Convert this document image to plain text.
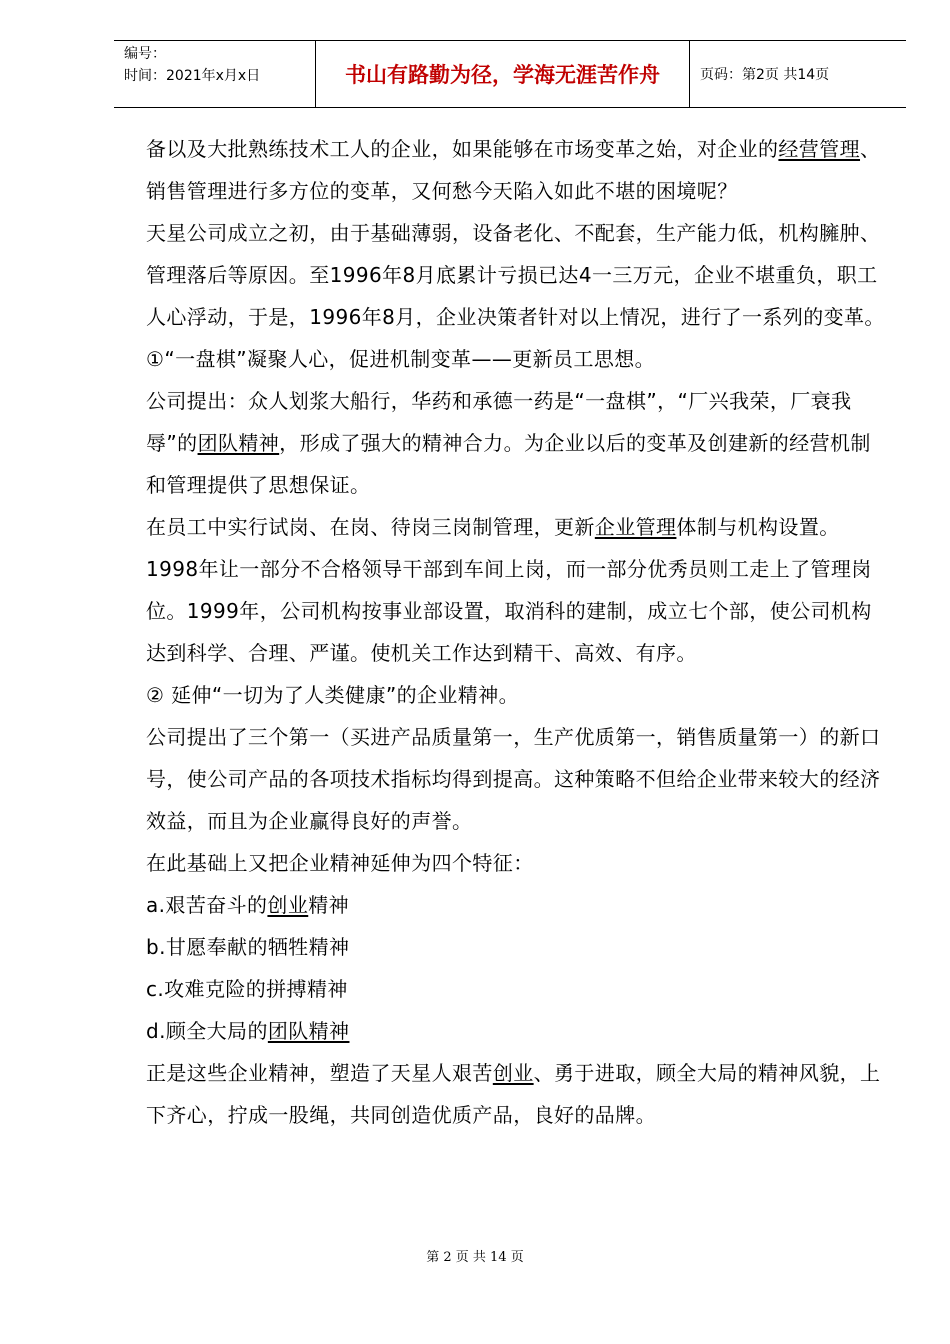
编号：
时间：2021年x月x日	书山有路勤为径，学海无涯苦作舟	页码：第2页 共14页

备以及大批熟练技术工人的企业，如果能够在市场变革之始，对企业的经营管理、销售管理进行多方位的变革，又何愁今天陷入如此不堪的困境呢？

天星公司成立之初，由于基础薄弱，设备老化、不配套，生产能力低，机构臃肿、管理落后等原因。至1996年8月底累计亏损已达4一三万元，企业不堪重负，职工人心浮动，于是，1996年8月，企业决策者针对以上情况，进行了一系列的变革。

①“一盘棋”凝聚人心，促进机制变革——更新员工思想。

公司提出：众人划浆大船行，华药和承德一药是“一盘棋”，“厂兴我荣，厂衰我辱”的团队精神，形成了强大的精神合力。为企业以后的变革及创建新的经营机制和管理提供了思想保证。

在员工中实行试岗、在岗、待岗三岗制管理，更新企业管理体制与机构设置。1998年让一部分不合格领导干部到车间上岗，而一部分优秀员则工走上了管理岗位。1999年，公司机构按事业部设置，取消科的建制，成立七个部，使公司机构达到科学、合理、严谨。使机关工作达到精干、高效、有序。

② 延伸“一切为了人类健康”的企业精神。

公司提出了三个第一（买进产品质量第一，生产优质第一，销售质量第一）的新口号，使公司产品的各项技术指标均得到提高。这种策略不但给企业带来较大的经济效益，而且为企业赢得良好的声誉。

在此基础上又把企业精神延伸为四个特征：

a.艰苦奋斗的创业精神

b.甘愿奉献的牺牲精神

c.攻难克险的拼搏精神

d.顾全大局的团队精神

正是这些企业精神，塑造了天星人艰苦创业、勇于进取，顾全大局的精神风貌，上下齐心，拧成一股绳，共同创造优质产品，良好的品牌。

第 2 页 共 14 页
